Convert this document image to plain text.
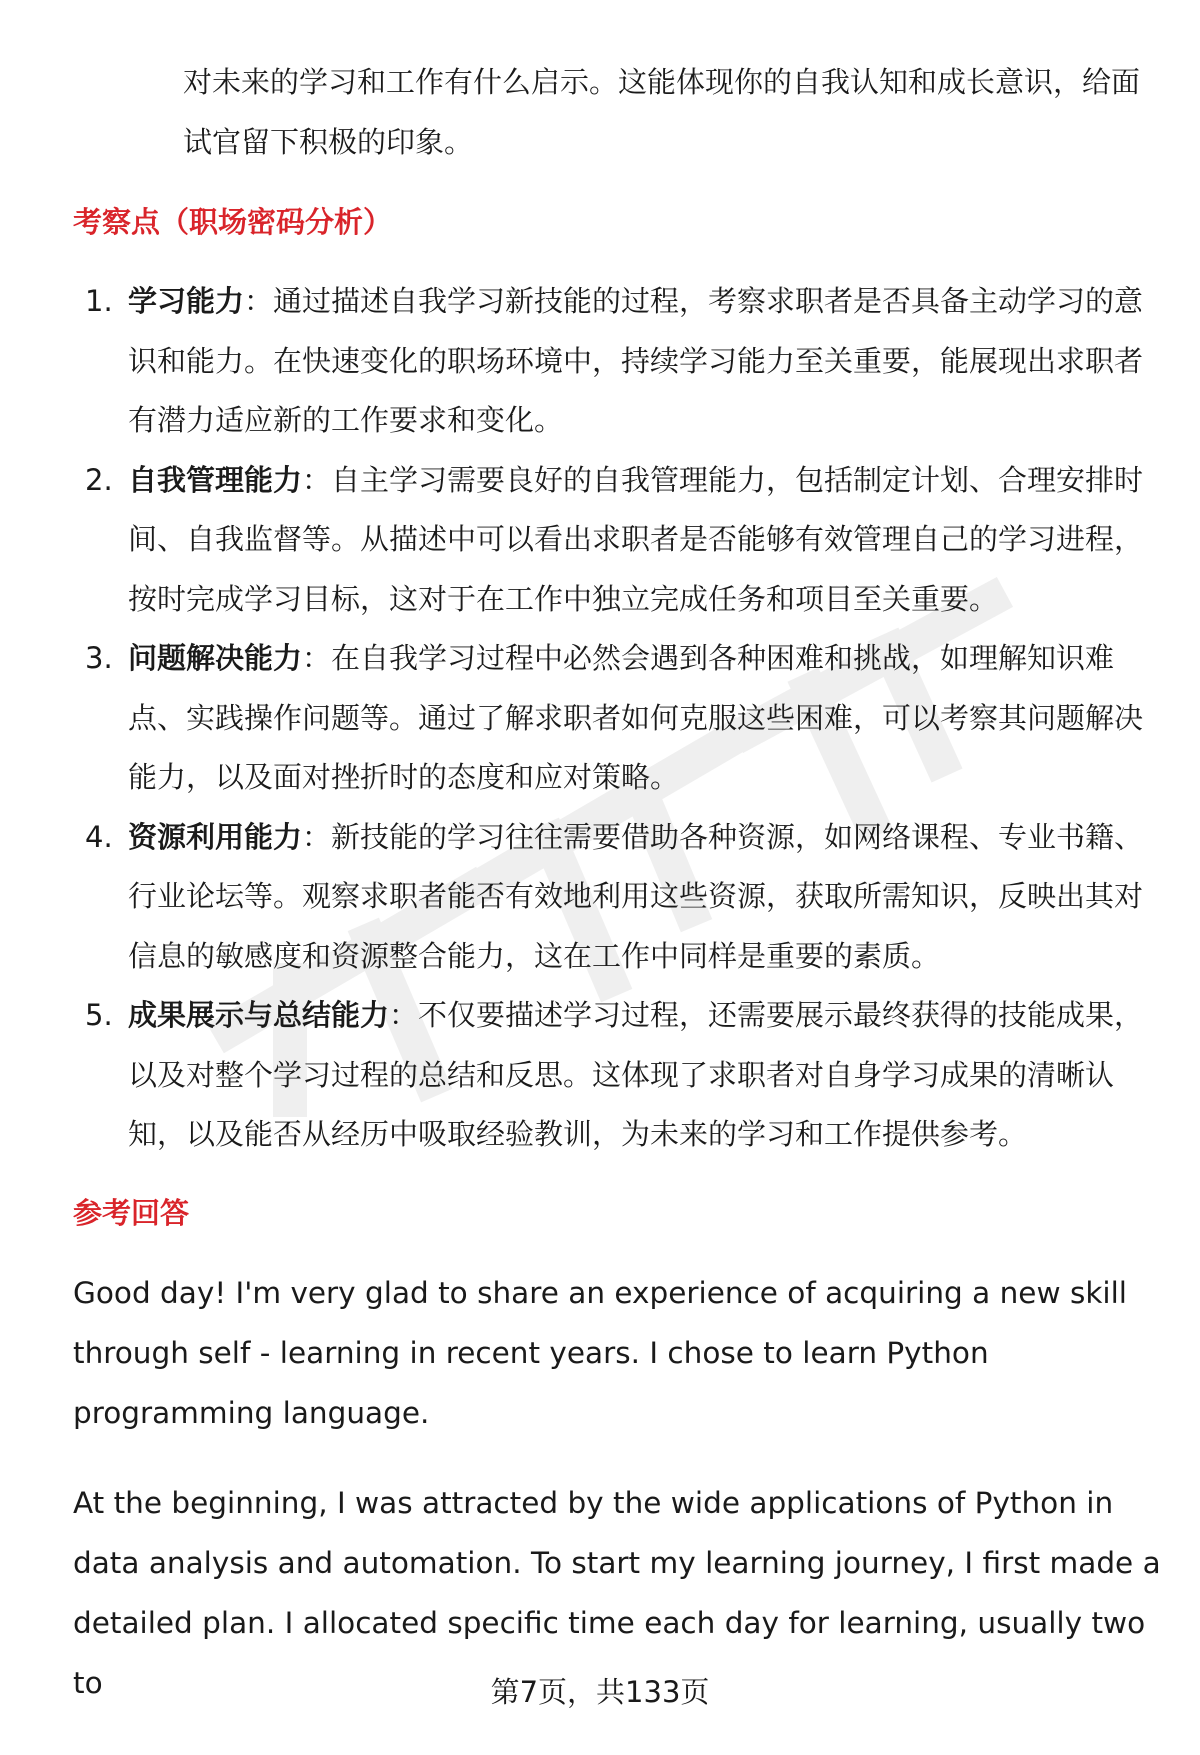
对未来的学习和工作有什么启示。这能体现你的自我认知和成长意识，给面试官留下积极的印象。
考察点（职场密码分析）
1. 学习能力：通过描述自我学习新技能的过程，考察求职者是否具备主动学习的意识和能力。在快速变化的职场环境中，持续学习能力至关重要，能展现出求职者有潜力适应新的工作要求和变化。
2. 自我管理能力：自主学习需要良好的自我管理能力，包括制定计划、合理安排时间、自我监督等。从描述中可以看出求职者是否能够有效管理自己的学习进程，按时完成学习目标，这对于在工作中独立完成任务和项目至关重要。
3. 问题解决能力：在自我学习过程中必然会遇到各种困难和挑战，如理解知识难点、实践操作问题等。通过了解求职者如何克服这些困难，可以考察其问题解决能力，以及面对挫折时的态度和应对策略。
4. 资源利用能力：新技能的学习往往需要借助各种资源，如网络课程、专业书籍、行业论坛等。观察求职者能否有效地利用这些资源，获取所需知识，反映出其对信息的敏感度和资源整合能力，这在工作中同样是重要的素质。
5. 成果展示与总结能力：不仅要描述学习过程，还需要展示最终获得的技能成果，以及对整个学习过程的总结和反思。这体现了求职者对自身学习成果的清晰认知，以及能否从经历中吸取经验教训，为未来的学习和工作提供参考。
参考回答

Good day! I'm very glad to share an experience of acquiring a new skill through self - learning in recent years. I chose to learn Python programming language.

At the beginning, I was attracted by the wide applications of Python in data analysis and automation. To start my learning journey, I first made a detailed plan. I allocated specific time each day for learning, usually two to	第7页，共133页
